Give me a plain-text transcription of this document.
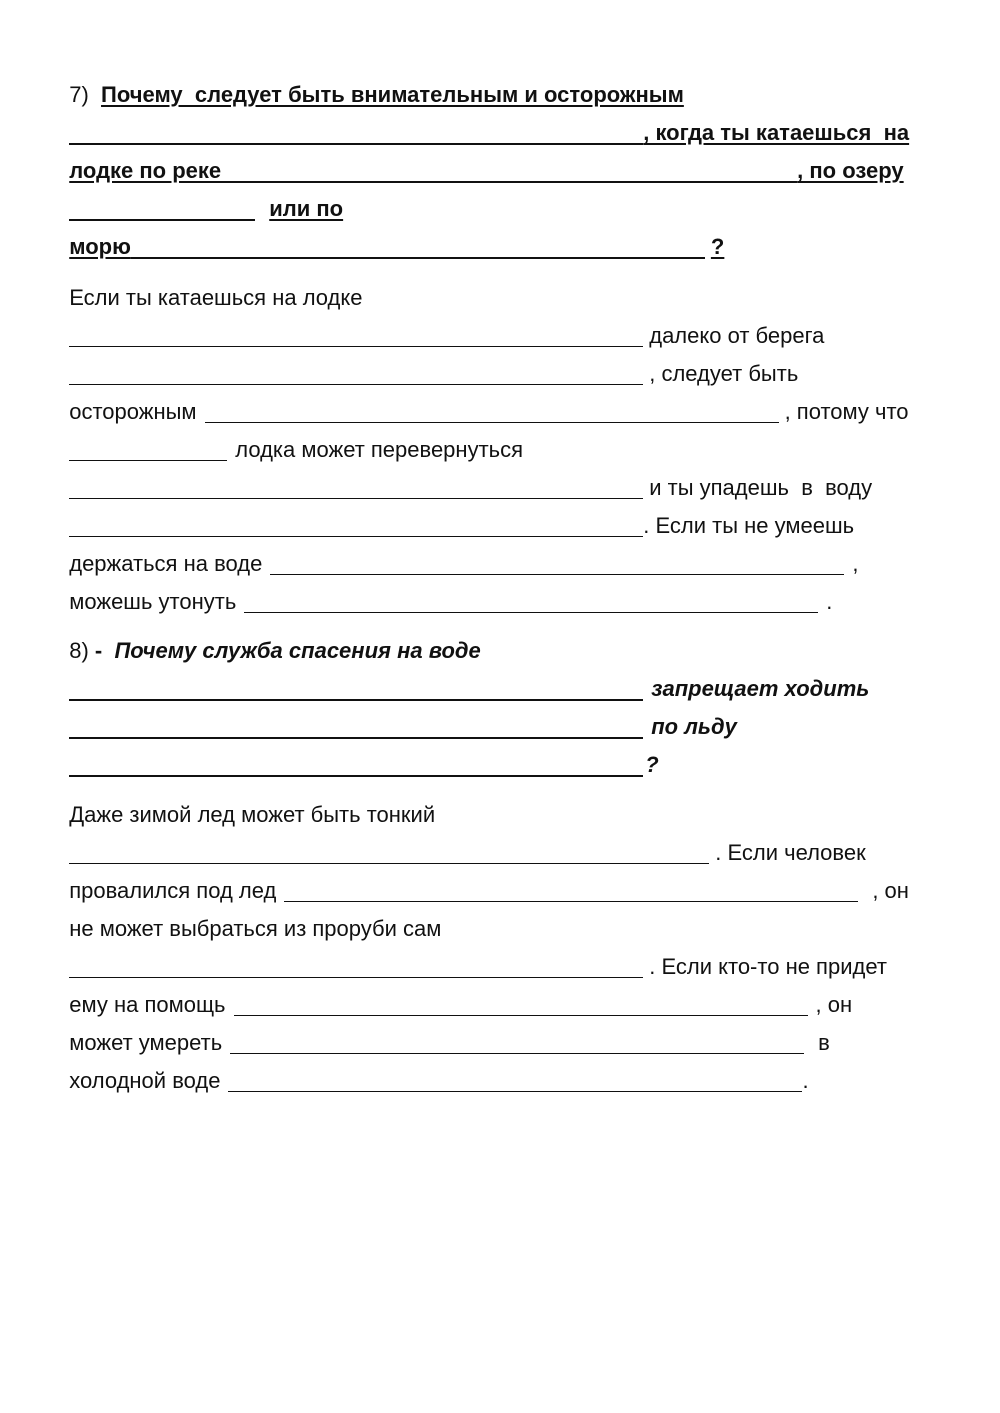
7) Почему  следует быть внимательным и осторожным

, когда ты катаешься  на

лодке по реке	, по озеру

или по

морю	?

Если ты катаешься на лодке

далеко от берега

, следует быть

осторожным	, потому что

лодка может перевернуться

и ты упадешь  в  воду

. Если ты не умеешь

держаться на воде	,

можешь утонуть	.

8) - Почему служба спасения на воде

запрещает ходить

по льду

?

Даже зимой лед может быть тонкий

. Если человек

провалился под лед	, он

не может выбраться из проруби сам

. Если кто-то не придет

ему на помощь	, он

может умереть	в

холодной воде	.
